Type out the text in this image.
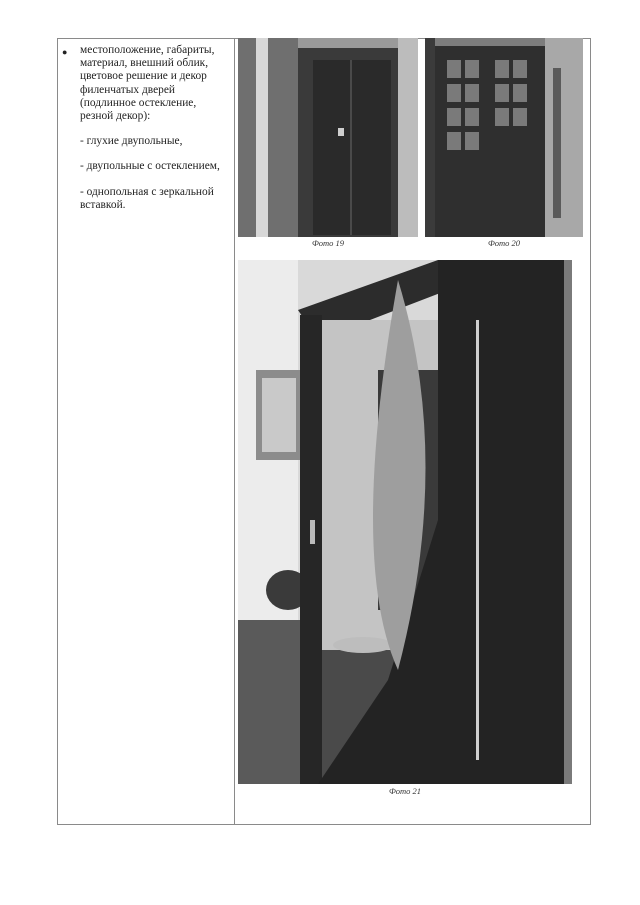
● местоположение, габариты, материал, внешний облик, цветовое решение и декор филенчатых дверей (подлинное остекление, резной декор):

- глухие двупольные,

- двупольные с остеклением,

- однопольная с зеркальной вставкой.

Фото 19	Фото 20
Фото 21
